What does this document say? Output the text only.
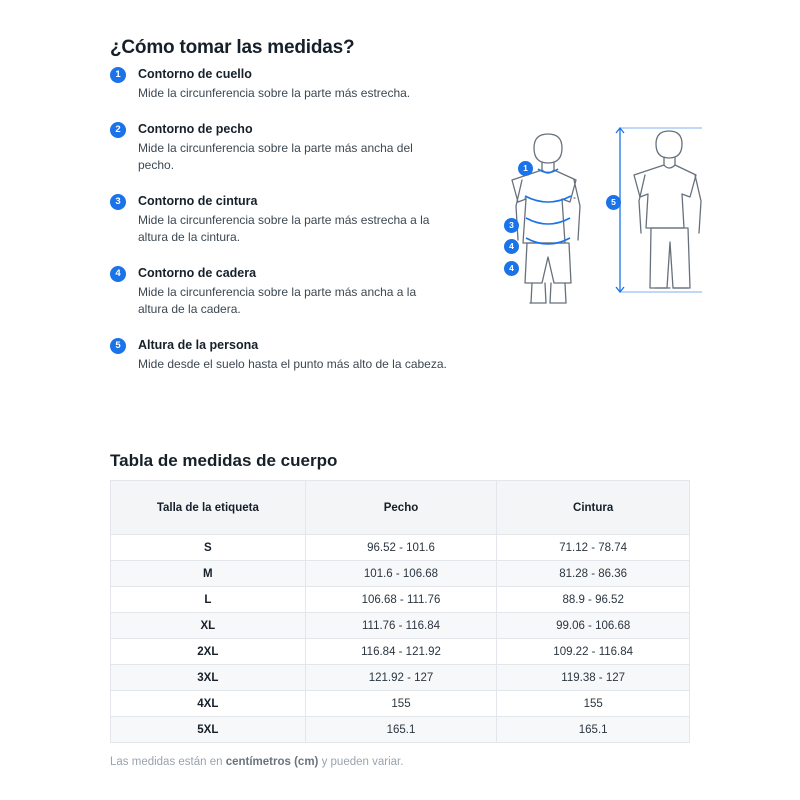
¿Cómo tomar las medidas?
1	Contorno de cuello
Mide la circunferencia sobre la parte más estrecha.
2	Contorno de pecho
Mide la circunferencia sobre la parte más ancha del pecho.
3	Contorno de cintura
Mide la circunferencia sobre la parte más estrecha a la altura de la cintura.
4	Contorno de cadera
Mide la circunferencia sobre la parte más ancha a la altura de la cadera.
5	Altura de la persona
Mide desde el suelo hasta el punto más alto de la cabeza.
1
3
4
4
5
Tabla de medidas de cuerpo
Talla de la etiqueta	Pecho	Cintura
S	96.52 - 101.6	71.12 - 78.74
M	101.6 - 106.68	81.28 - 86.36
L	106.68 - 111.76	88.9 - 96.52
XL	111.76 - 116.84	99.06 - 106.68
2XL	116.84 - 121.92	109.22 - 116.84
3XL	121.92 - 127	119.38 - 127
4XL	155	155
5XL	165.1	165.1
Las medidas están en centímetros (cm) y pueden variar.
